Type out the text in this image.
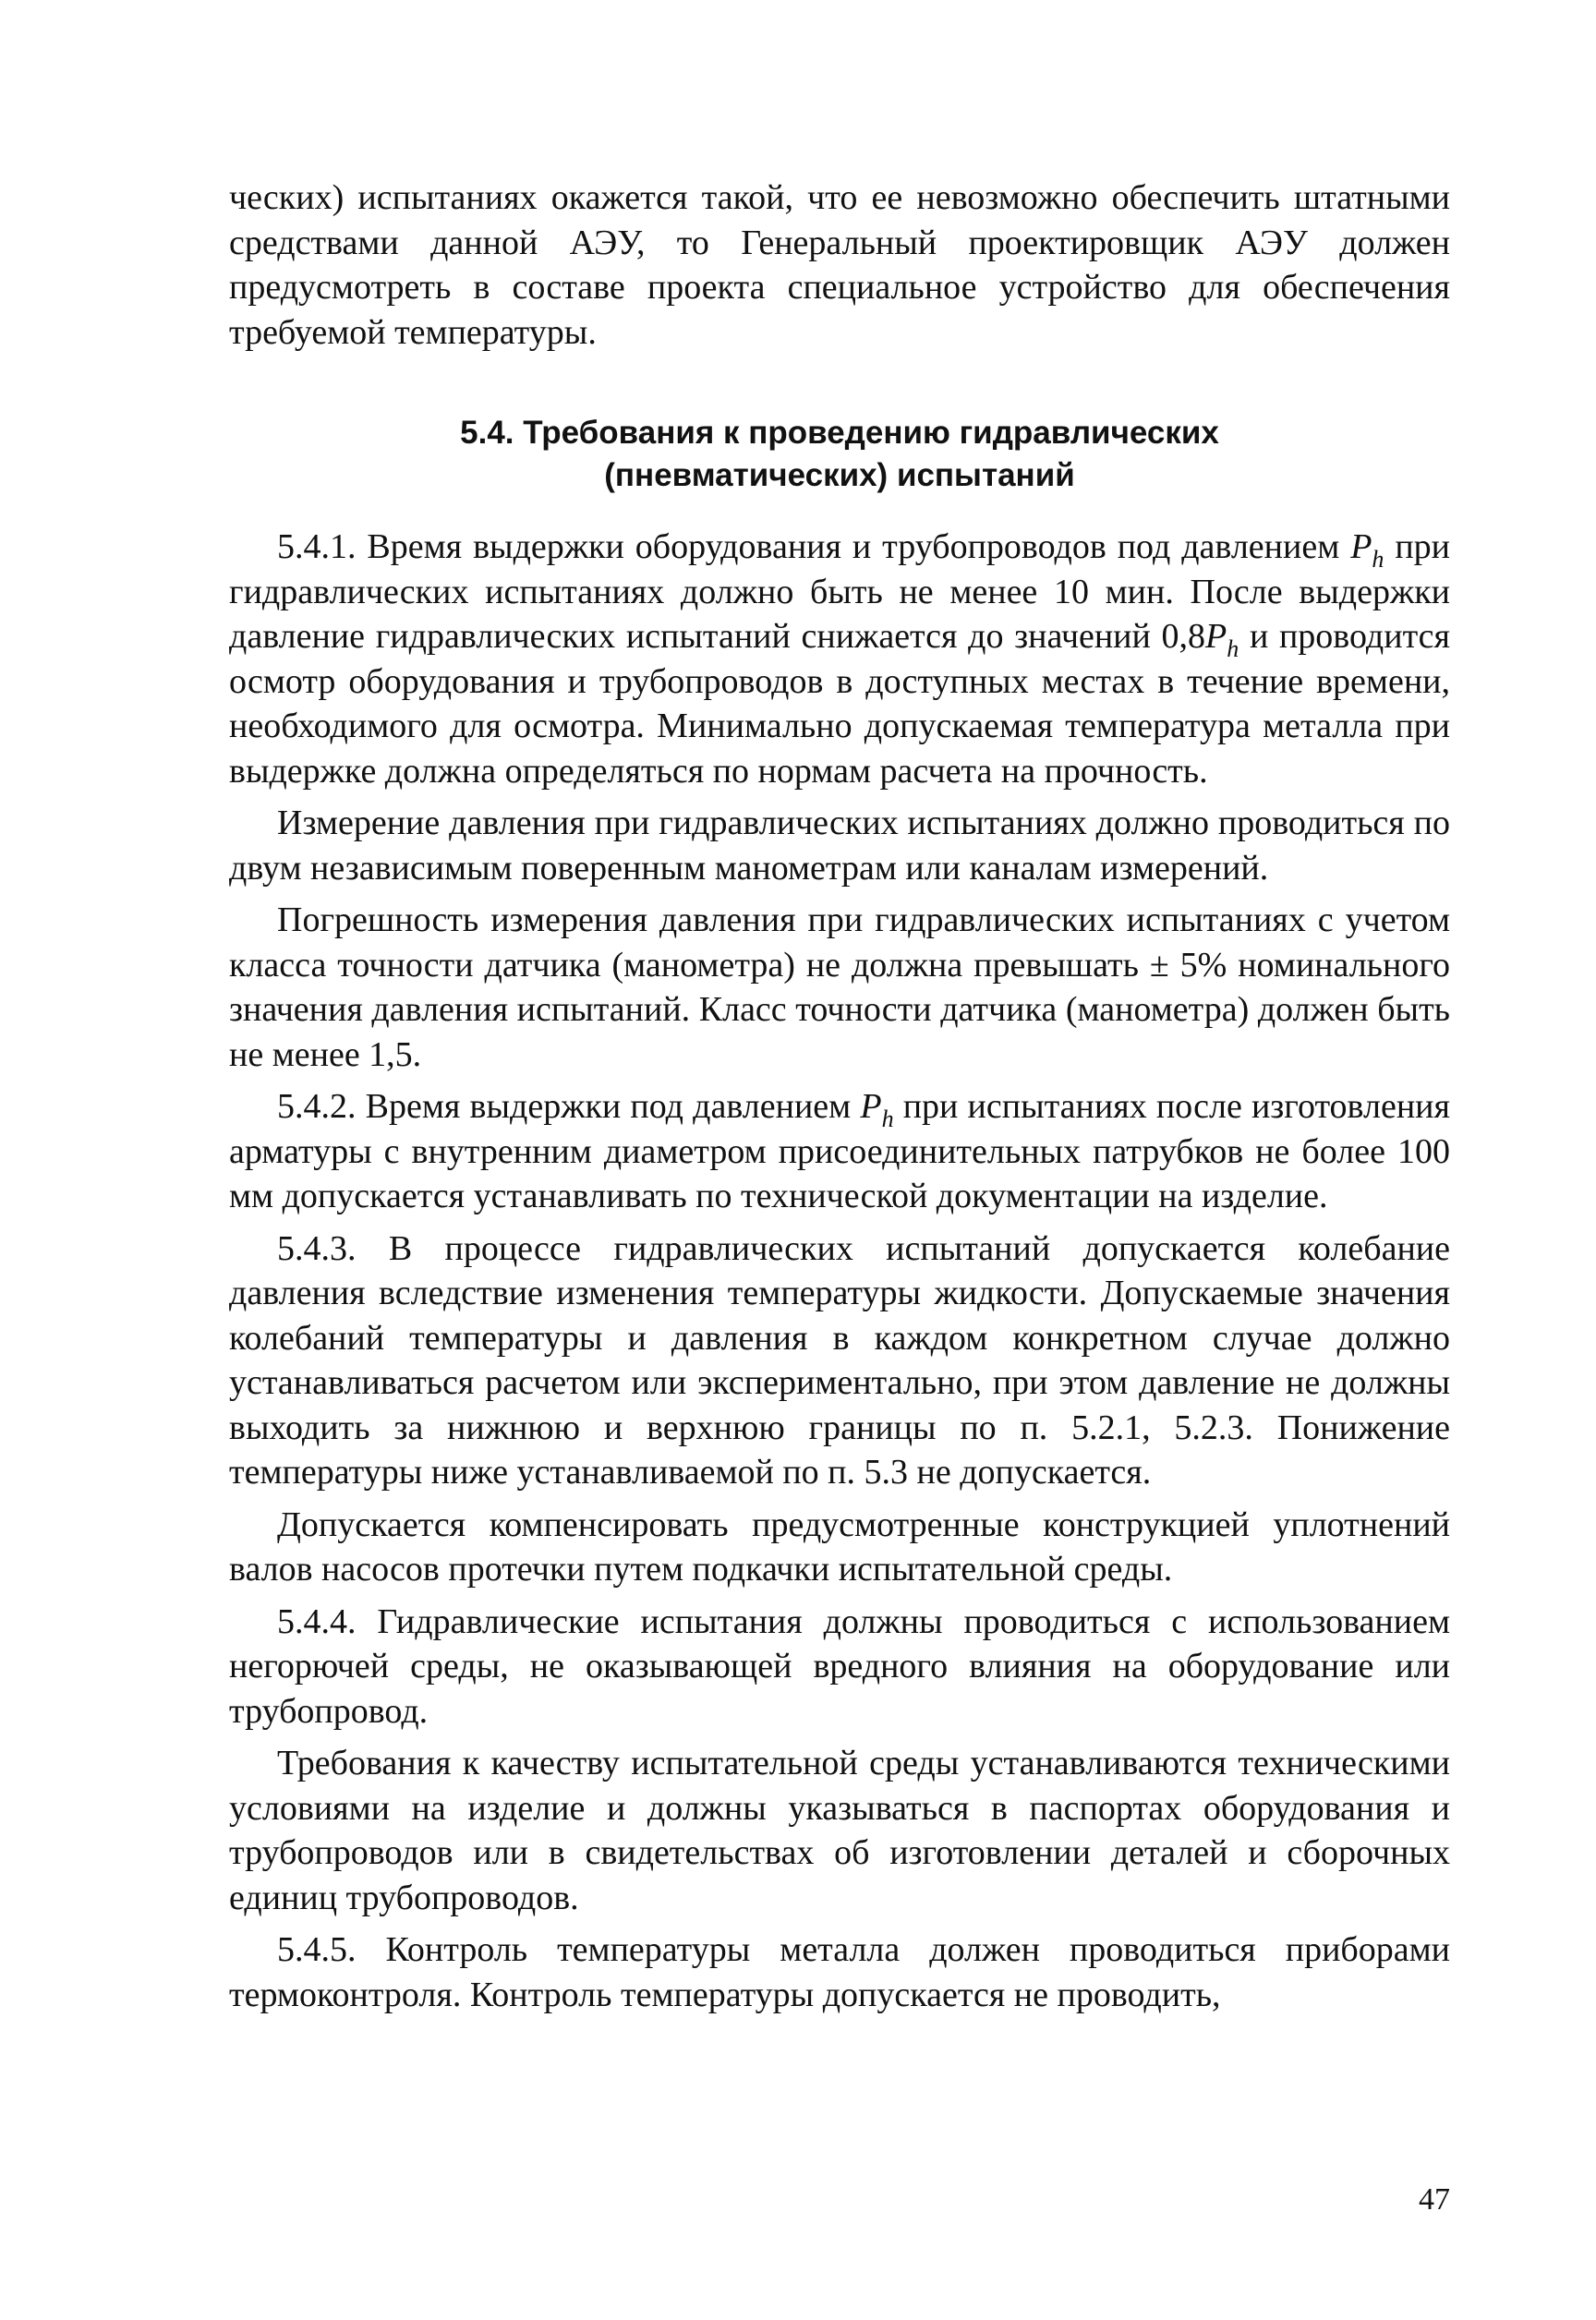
ческих) испытаниях окажется такой, что ее невозможно обеспечить штатными средствами данной АЭУ, то Генеральный проектировщик АЭУ должен предусмотреть в составе проекта специальное устройство для обеспечения требуемой температуры.

5.4. Требования к проведению гидравлических
(пневматических) испытаний

5.4.1. Время выдержки оборудования и трубопроводов под давлением $P_h$ при гидравлических испытаниях должно быть не менее 10 мин. После выдержки давление гидравлических испытаний снижается до значений $0,8P_h$ и проводится осмотр оборудования и трубопроводов в доступных местах в течение времени, необходимого для осмотра. Минимально допускаемая температура металла при выдержке должна определяться по нормам расчета на прочность.

Измерение давления при гидравлических испытаниях должно проводиться по двум независимым поверенным манометрам или каналам измерений.

Погрешность измерения давления при гидравлических испытаниях с учетом класса точности датчика (манометра) не должна превышать ± 5% номинального значения давления испытаний. Класс точности датчика (манометра) должен быть не менее 1,5.

5.4.2. Время выдержки под давлением $P_h$ при испытаниях после изготовления арматуры с внутренним диаметром присоединительных патрубков не более 100 мм допускается устанавливать по технической документации на изделие.

5.4.3. В процессе гидравлических испытаний допускается колебание давления вследствие изменения температуры жидкости. Допускаемые значения колебаний температуры и давления в каждом конкретном случае должно устанавливаться расчетом или экспериментально, при этом давление не должны выходить за нижнюю и верхнюю границы по п. 5.2.1, 5.2.3. Понижение температуры ниже устанавливаемой по п. 5.3 не допускается.

Допускается компенсировать предусмотренные конструкцией уплотнений валов насосов протечки путем подкачки испытательной среды.

5.4.4. Гидравлические испытания должны проводиться с использованием негорючей среды, не оказывающей вредного влияния на оборудование или трубопровод.

Требования к качеству испытательной среды устанавливаются техническими условиями на изделие и должны указываться в паспортах оборудования и трубопроводов или в свидетельствах об изготовлении деталей и сборочных единиц трубопроводов.

5.4.5. Контроль температуры металла должен проводиться приборами термоконтроля. Контроль температуры допускается не проводить,

47
